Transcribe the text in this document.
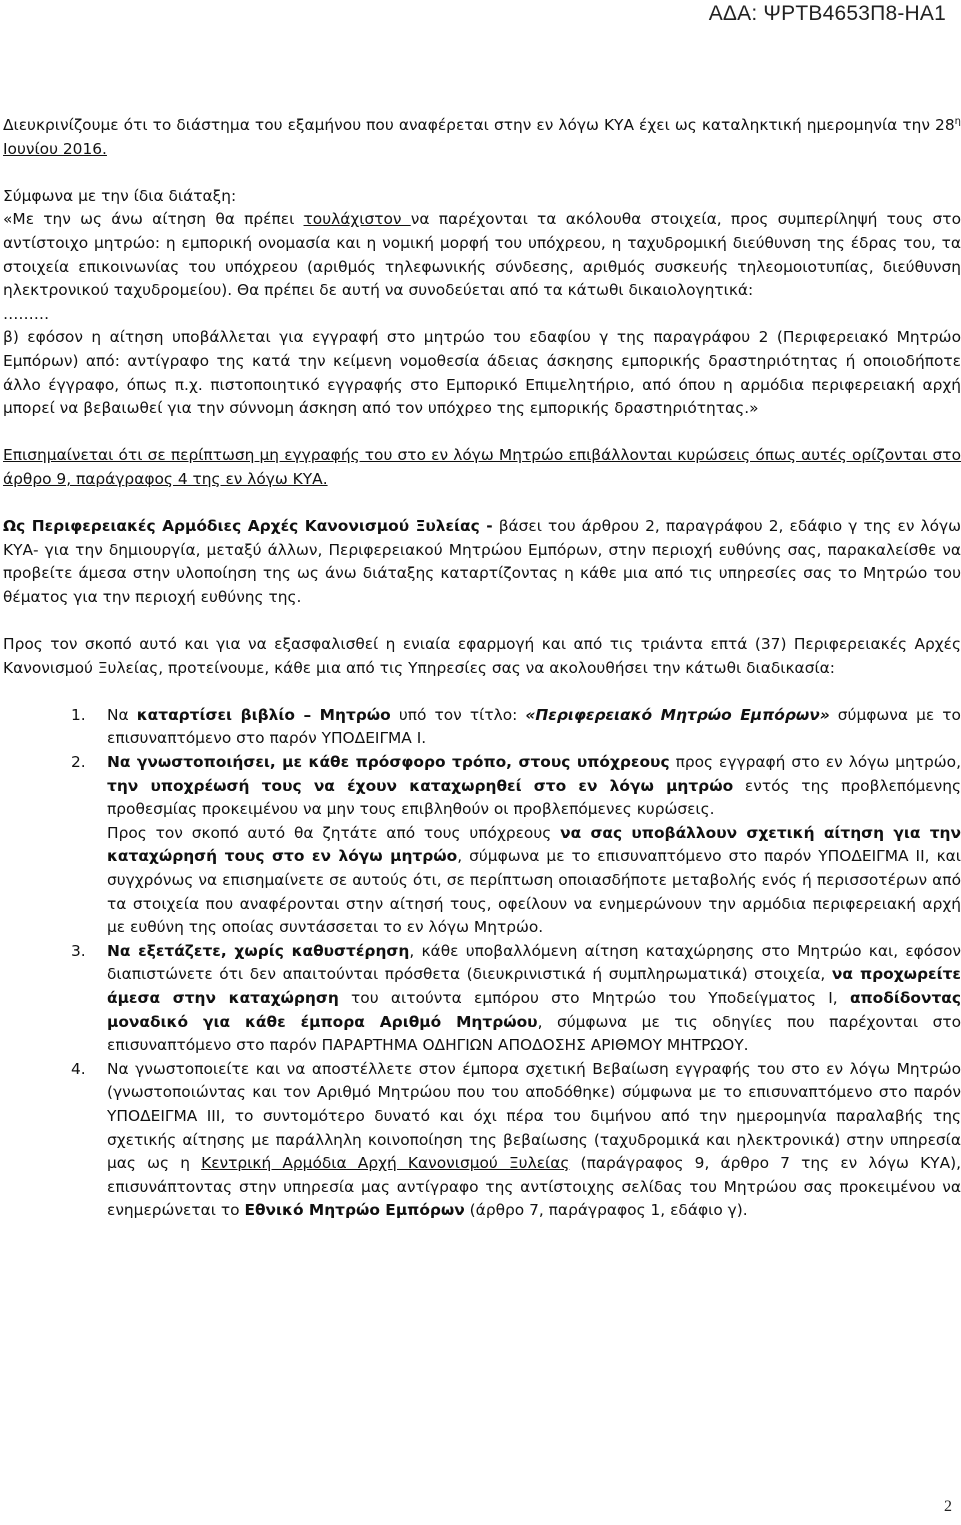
ΑΔΑ: ΨΡΤΒ4653Π8-ΗΑ1

Διευκρινίζουμε ότι το διάστημα του εξαμήνου που αναφέρεται στην εν λόγω ΚΥΑ έχει ως καταληκτική ημερομηνία την $28^\eta$ Ιουνίου 2016.

Σύμφωνα με την ίδια διάταξη:

«Με την ως άνω αίτηση θα πρέπει τουλάχιστον να παρέχονται τα ακόλουθα στοιχεία, προς συμπερίληψή τους στο αντίστοιχο μητρώο: η εμπορική ονομασία και η νομική μορφή του υπόχρεου, η ταχυδρομική διεύθυνση της έδρας του, τα στοιχεία επικοινωνίας του υπόχρεου (αριθμός τηλεφωνικής σύνδεσης, αριθμός συσκευής τηλεομοιοτυπίας, διεύθυνση ηλεκτρονικού ταχυδρομείου). Θα πρέπει δε αυτή να συνοδεύεται από τα κάτωθι δικαιολογητικά:

………

β) εφόσον η αίτηση υποβάλλεται για εγγραφή στο μητρώο του εδαφίου γ της παραγράφου 2 (Περιφερειακό Μητρώο Εμπόρων) από: αντίγραφο της κατά την κείμενη νομοθεσία άδειας άσκησης εμπορικής δραστηριότητας ή οποιοδήποτε άλλο έγγραφο, όπως π.χ. πιστοποιητικό εγγραφής στο Εμπορικό Επιμελητήριο, από όπου η αρμόδια περιφερειακή αρχή μπορεί να βεβαιωθεί για την σύννομη άσκηση από τον υπόχρεο της εμπορικής δραστηριότητας.»

Επισημαίνεται ότι σε περίπτωση μη εγγραφής του στο εν λόγω Μητρώο επιβάλλονται κυρώσεις όπως αυτές ορίζονται στο άρθρο 9, παράγραφος 4 της εν λόγω ΚΥΑ.

Ως Περιφερειακές Αρμόδιες Αρχές Κανονισμού Ξυλείας - βάσει του άρθρου 2, παραγράφου 2, εδάφιο γ της εν λόγω ΚΥΑ- για την δημιουργία, μεταξύ άλλων, Περιφερειακού Μητρώου Εμπόρων, στην περιοχή ευθύνης σας, παρακαλείσθε να προβείτε άμεσα στην υλοποίηση της ως άνω διάταξης καταρτίζοντας η κάθε μια από τις υπηρεσίες σας το Μητρώο του θέματος για την περιοχή ευθύνης της.

Προς τον σκοπό αυτό και για να εξασφαλισθεί η ενιαία εφαρμογή και από τις τριάντα επτά (37) Περιφερειακές Αρχές Κανονισμού Ξυλείας, προτείνουμε, κάθε μια από τις Υπηρεσίες σας να ακολουθήσει την κάτωθι διαδικασία:

1. Να καταρτίσει βιβλίο – Μητρώο υπό τον τίτλο: «Περιφερειακό Μητρώο Εμπόρων» σύμφωνα με το επισυναπτόμενο στο παρόν ΥΠΟΔΕΙΓΜΑ Ι.
2. Να γνωστοποιήσει, με κάθε πρόσφορο τρόπο, στους υπόχρεους προς εγγραφή στο εν λόγω μητρώο, την υποχρέωσή τους να έχουν καταχωρηθεί στο εν λόγω μητρώο εντός της προβλεπόμενης προθεσμίας προκειμένου να μην τους επιβληθούν οι προβλεπόμενες κυρώσεις.
Προς τον σκοπό αυτό θα ζητάτε από τους υπόχρεους να σας υποβάλλουν σχετική αίτηση για την καταχώρησή τους στο εν λόγω μητρώο, σύμφωνα με το επισυναπτόμενο στο παρόν ΥΠΟΔΕΙΓΜΑ ΙΙ, και συγχρόνως να επισημαίνετε σε αυτούς ότι, σε περίπτωση οποιασδήποτε μεταβολής ενός ή περισσοτέρων από τα στοιχεία που αναφέρονται στην αίτησή τους, οφείλουν να ενημερώνουν την αρμόδια περιφερειακή αρχή με ευθύνη της οποίας συντάσσεται το εν λόγω Μητρώο.
3. Να εξετάζετε, χωρίς καθυστέρηση, κάθε υποβαλλόμενη αίτηση καταχώρησης στο Μητρώο και, εφόσον διαπιστώνετε ότι δεν απαιτούνται πρόσθετα (διευκρινιστικά ή συμπληρωματικά) στοιχεία, να προχωρείτε άμεσα στην καταχώρηση του αιτούντα εμπόρου στο Μητρώο του Υποδείγματος Ι, αποδίδοντας μοναδικό για κάθε έμπορα Αριθμό Μητρώου, σύμφωνα με τις οδηγίες που παρέχονται στο επισυναπτόμενο στο παρόν ΠΑΡΑΡΤΗΜΑ ΟΔΗΓΙΩΝ ΑΠΟΔΟΣΗΣ ΑΡΙΘΜΟΥ ΜΗΤΡΩΟΥ.
4. Να γνωστοποιείτε και να αποστέλλετε στον έμπορα σχετική Βεβαίωση εγγραφής του στο εν λόγω Μητρώο (γνωστοποιώντας και τον Αριθμό Μητρώου που του αποδόθηκε) σύμφωνα με το επισυναπτόμενο στο παρόν ΥΠΟΔΕΙΓΜΑ ΙΙΙ, το συντομότερο δυνατό και όχι πέρα του διμήνου από την ημερομηνία παραλαβής της σχετικής αίτησης με παράλληλη κοινοποίηση της βεβαίωσης (ταχυδρομικά και ηλεκτρονικά) στην υπηρεσία μας ως η Κεντρική Αρμόδια Αρχή Κανονισμού Ξυλείας (παράγραφος 9, άρθρο 7 της εν λόγω ΚΥΑ), επισυνάπτοντας στην υπηρεσία μας αντίγραφο της αντίστοιχης σελίδας του Μητρώου σας προκειμένου να ενημερώνεται το Εθνικό Μητρώο Εμπόρων (άρθρο 7, παράγραφος 1, εδάφιο γ).
2
